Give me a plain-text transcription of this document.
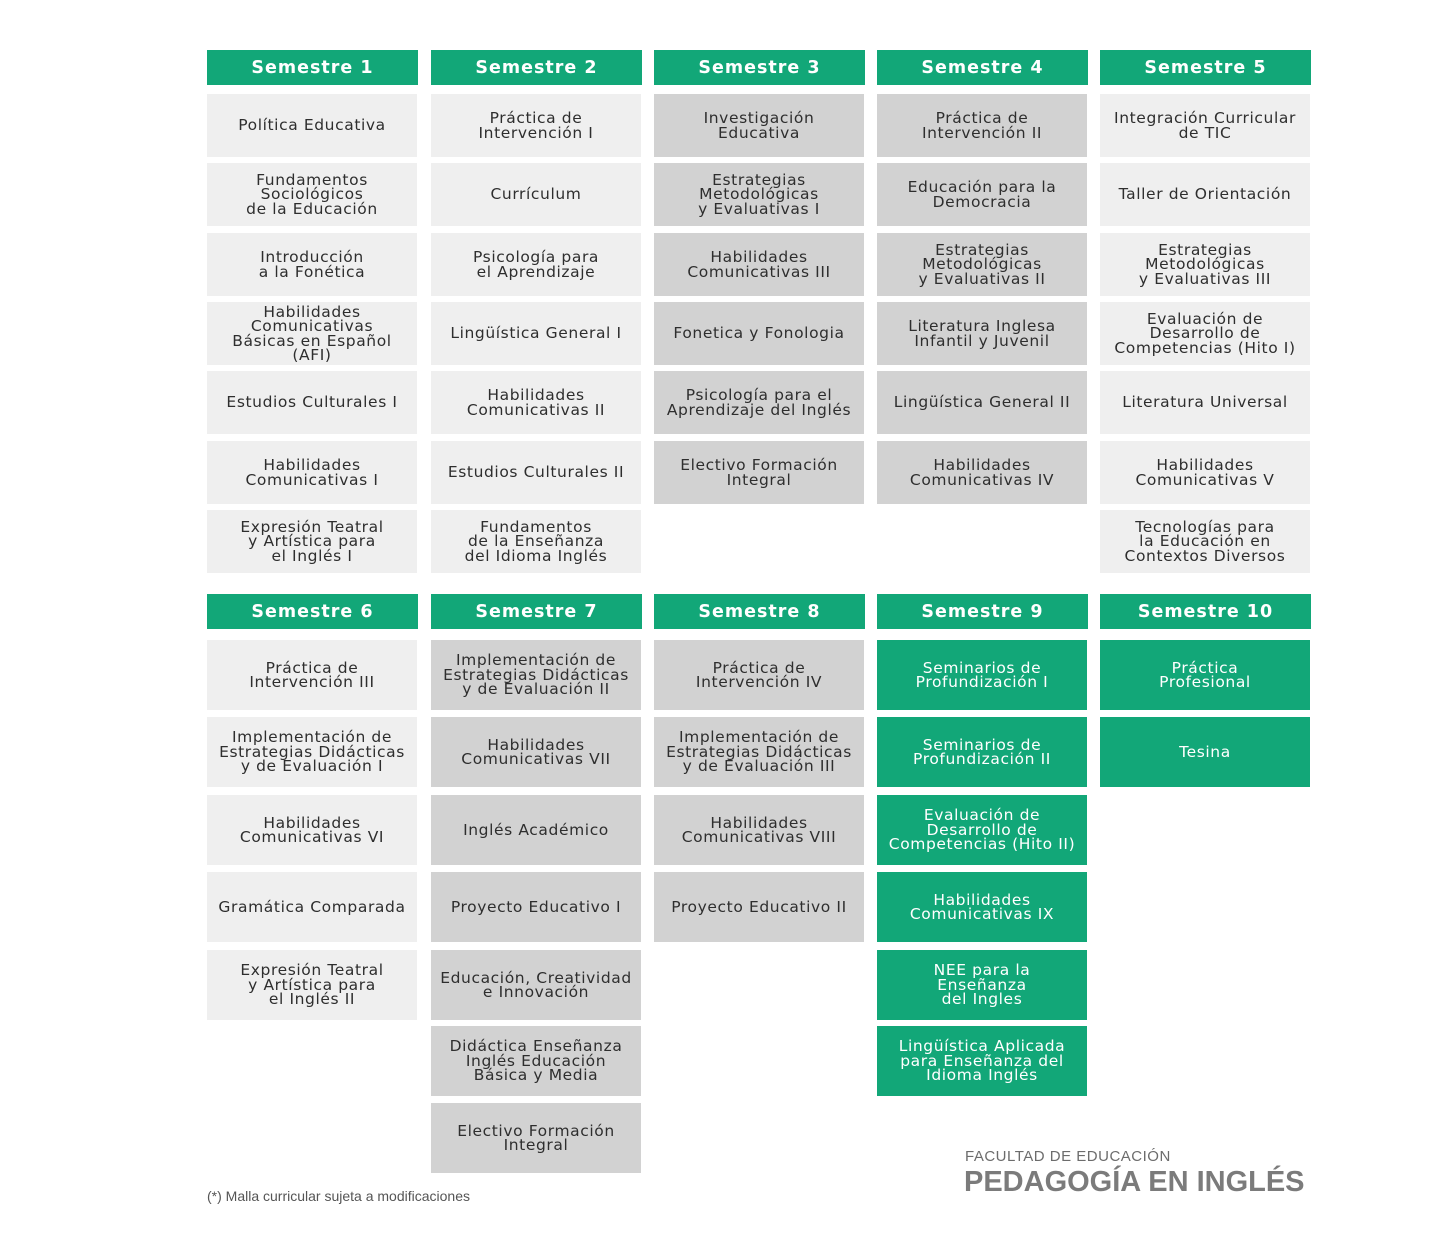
Semestre 1
Política Educativa
Fundamentos
Sociológicos
de la Educación
Introducción
a la Fonética
Habilidades
Comunicativas
Básicas en Español
(AFI)
Estudios Culturales I
Habilidades
Comunicativas I
Expresión Teatral
y Artística para
el Inglés I
Semestre 2
Práctica de
Intervención I
Currículum
Psicología para
el Aprendizaje
Lingüística General I
Habilidades
Comunicativas II
Estudios Culturales II
Fundamentos
de la Enseñanza
del Idioma Inglés
Semestre 3
Investigación
Educativa
Estrategias
Metodológicas
y Evaluativas I
Habilidades
Comunicativas III
Fonetica y Fonologia
Psicología para el
Aprendizaje del Inglés
Electivo Formación
Integral
Semestre 4
Práctica de
Intervención II
Educación para la
Democracia
Estrategias
Metodológicas
y Evaluativas II
Literatura Inglesa
Infantil y Juvenil
Lingüística General II
Habilidades
Comunicativas IV
Semestre 5
Integración Curricular
de TIC
Taller de Orientación
Estrategias
Metodológicas
y Evaluativas III
Evaluación de
Desarrollo de
Competencias (Hito I)
Literatura Universal
Habilidades
Comunicativas V
Tecnologías para
la Educación en
Contextos Diversos
Semestre 6
Práctica de
Intervención III
Implementación de
Estrategias Didácticas
y de Evaluación I
Habilidades
Comunicativas VI
Gramática Comparada
Expresión Teatral
y Artística para
el Inglés II
Semestre 7
Implementación de
Estrategias Didácticas
y de Evaluación II
Habilidades
Comunicativas VII
Inglés Académico
Proyecto Educativo I
Educación, Creatividad
e Innovación
Didáctica Enseñanza
Inglés Educación
Básica y Media
Electivo Formación
Integral
Semestre 8
Práctica de
Intervención IV
Implementación de
Estrategias Didácticas
y de Evaluación III
Habilidades
Comunicativas VIII
Proyecto Educativo II
Semestre 9
Seminarios de
Profundización I
Seminarios de
Profundización II
Evaluación de
Desarrollo de
Competencias (Hito II)
Habilidades
Comunicativas IX
NEE para la
Enseñanza
del Ingles
Lingüística Aplicada
para Enseñanza del
Idioma Inglés
Semestre 10
Práctica
Profesional
Tesina
(*) Malla curricular sujeta a modificaciones
FACULTAD DE EDUCACIÓN
PEDAGOGÍA EN INGLÉS
